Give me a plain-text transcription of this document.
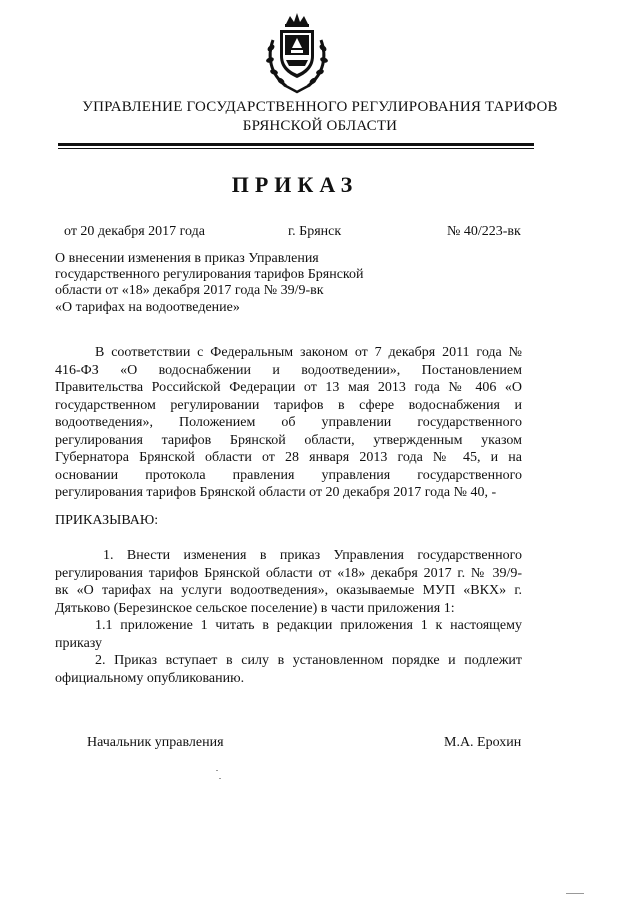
УПРАВЛЕНИЕ ГОСУДАРСТВЕННОГО РЕГУЛИРОВАНИЯ ТАРИФОВ
БРЯНСКОЙ ОБЛАСТИ
ПРИКАЗ
от 20 декабря 2017 года	г. Брянск	№ 40/223-вк
О внесении изменения в приказ Управления
государственного регулирования тарифов Брянской
области от «18» декабря 2017 года № 39/9-вк
«О тарифах на водоотведение»
В соответствии с Федеральным законом от 7 декабря 2011 года №
416-ФЗ «О водоснабжении и водоотведении», Постановлением
Правительства Российской Федерации от 13 мая 2013 года № 406 «О
государственном регулировании тарифов в сфере водоснабжения и
водоотведения», Положением об управлении государственного
регулирования тарифов Брянской области, утвержденным указом
Губернатора Брянской области от 28 января 2013 года № 45, и на
основании протокола правления управления государственного
регулирования тарифов Брянской области от 20 декабря 2017 года № 40, -
ПРИКАЗЫВАЮ:
1. Внести изменения в приказ Управления государственного
регулирования тарифов Брянской области от «18» декабря 2017 г. № 39/9-
вк «О тарифах на услуги водоотведения», оказываемые МУП «ВКХ» г.
Дятьково (Березинское сельское поселение) в части приложения 1:
1.1 приложение 1 читать в редакции приложения 1 к настоящему
приказу
2. Приказ вступает в силу в установленном порядке и подлежит
официальному опубликованию.
Начальник управления	М.А. Ерохин
